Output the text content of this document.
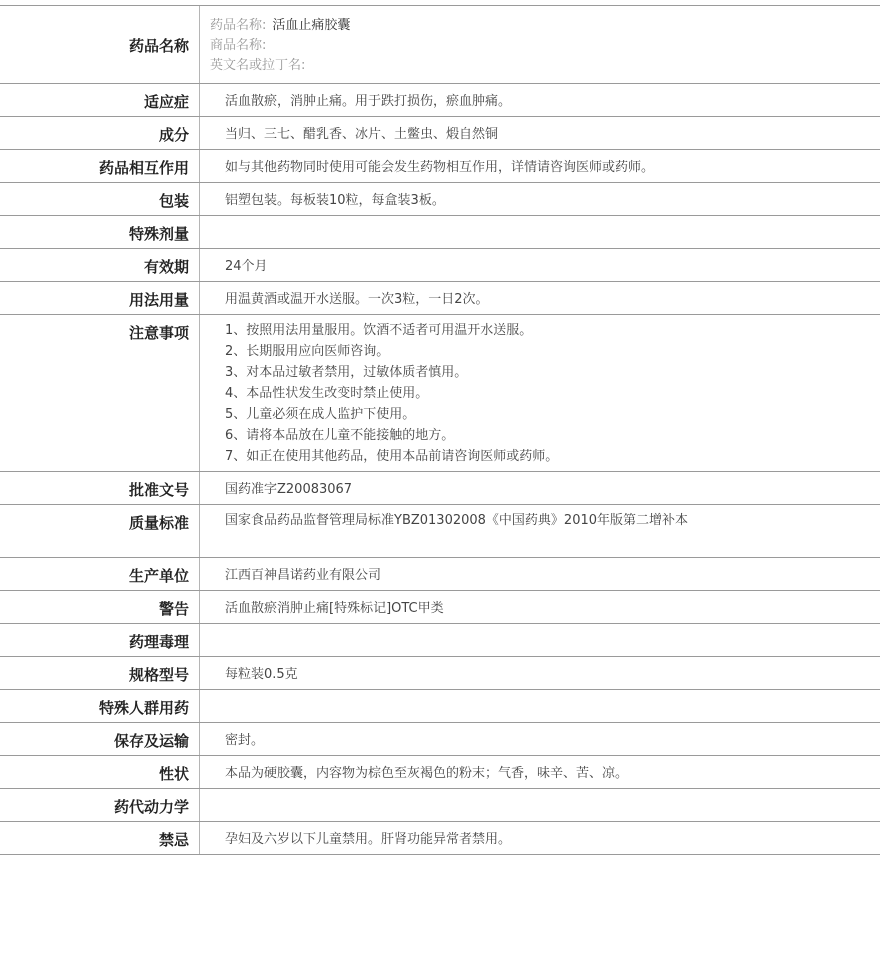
药品名称
药品名称: 活血止痛胶囊
商品名称:
英文名或拉丁名:
适应症	活血散瘀，消肿止痛。用于跌打损伤，瘀血肿痛。
成分	当归、三七、醋乳香、冰片、土鳖虫、煅自然铜
药品相互作用	如与其他药物同时使用可能会发生药物相互作用，详情请咨询医师或药师。
包装	铝塑包装。每板装10粒，每盒装3板。
特殊剂量
有效期	24个月
用法用量	用温黄酒或温开水送服。一次3粒，一日2次。
注意事项	1、按照用法用量服用。饮酒不适者可用温开水送服。
2、长期服用应向医师咨询。
3、对本品过敏者禁用，过敏体质者慎用。
4、本品性状发生改变时禁止使用。
5、儿童必须在成人监护下使用。
6、请将本品放在儿童不能接触的地方。
7、如正在使用其他药品，使用本品前请咨询医师或药师。
批准文号	国药准字Z20083067
质量标准	国家食品药品监督管理局标准YBZ01302008《中国药典》2010年版第二增补本
生产单位	江西百神昌诺药业有限公司
警告	活血散瘀消肿止痛[特殊标记]OTC甲类
药理毒理
规格型号	每粒装0.5克
特殊人群用药
保存及运输	密封。
性状	本品为硬胶囊，内容物为棕色至灰褐色的粉末；气香，味辛、苦、凉。
药代动力学
禁忌	孕妇及六岁以下儿童禁用。肝肾功能异常者禁用。
